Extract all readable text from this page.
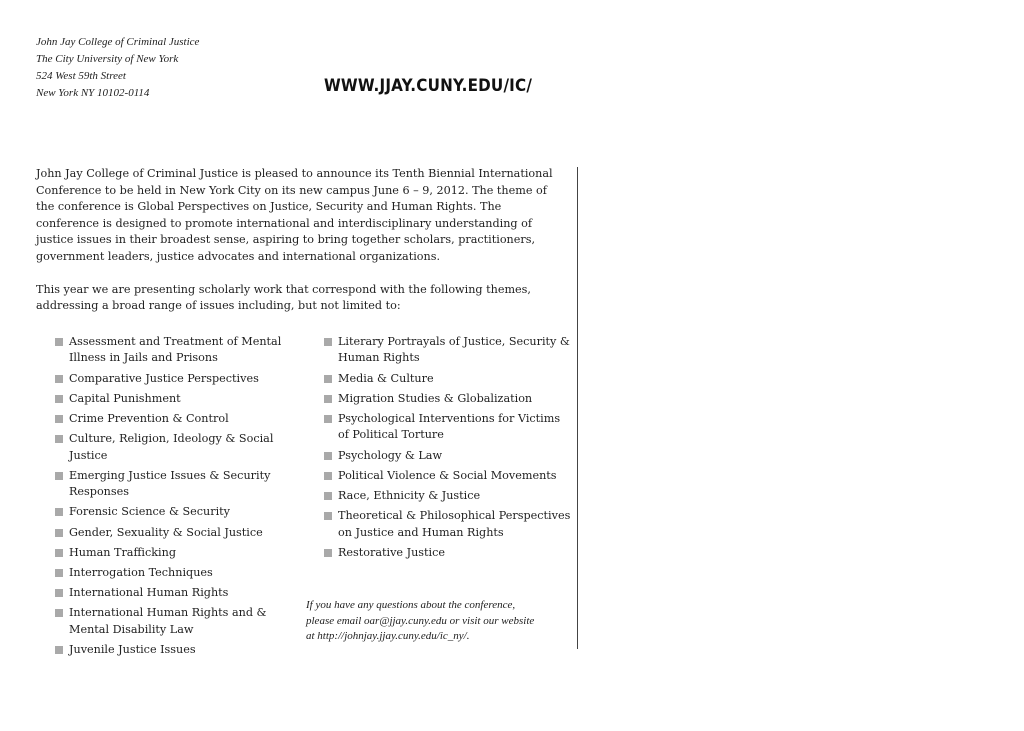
John Jay College of Criminal Justice
The City University of New York
524 West 59th Street
New York NY 10102-0114	WWW.JJAY.CUNY.EDU/IC/

John Jay College of Criminal Justice is pleased to announce its Tenth Biennial International Conference to be held in New York City on its new campus June 6 – 9, 2012. The theme of the conference is Global Perspectives on Justice, Security and Human Rights. The conference is designed to promote international and interdisciplinary understanding of justice issues in their broadest sense, aspiring to bring together scholars, practitioners, government leaders, justice advocates and international organizations.

This year we are presenting scholarly work that correspond with the following themes, addressing a broad range of issues including, but not limited to:

Assessment and Treatment of Mental Illness in Jails and Prisons
Comparative Justice Perspectives
Capital Punishment
Crime Prevention & Control
Culture, Religion, Ideology & Social Justice
Emerging Justice Issues & Security Responses
Forensic Science & Security
Gender, Sexuality & Social Justice
Human Trafficking
Interrogation Techniques
International Human Rights
International Human Rights and & Mental Disability Law
Juvenile Justice Issues
Literary Portrayals of Justice, Security & Human Rights
Media & Culture
Migration Studies & Globalization
Psychological Interventions for Victims of Political Torture
Psychology & Law
Political Violence & Social Movements
Race, Ethnicity & Justice
Theoretical & Philosophical Perspectives on Justice and Human Rights
Restorative Justice
If you have any questions about the conference,
please email oar@jjay.cuny.edu or visit our website
at http://johnjay.jjay.cuny.edu/ic_ny/.
